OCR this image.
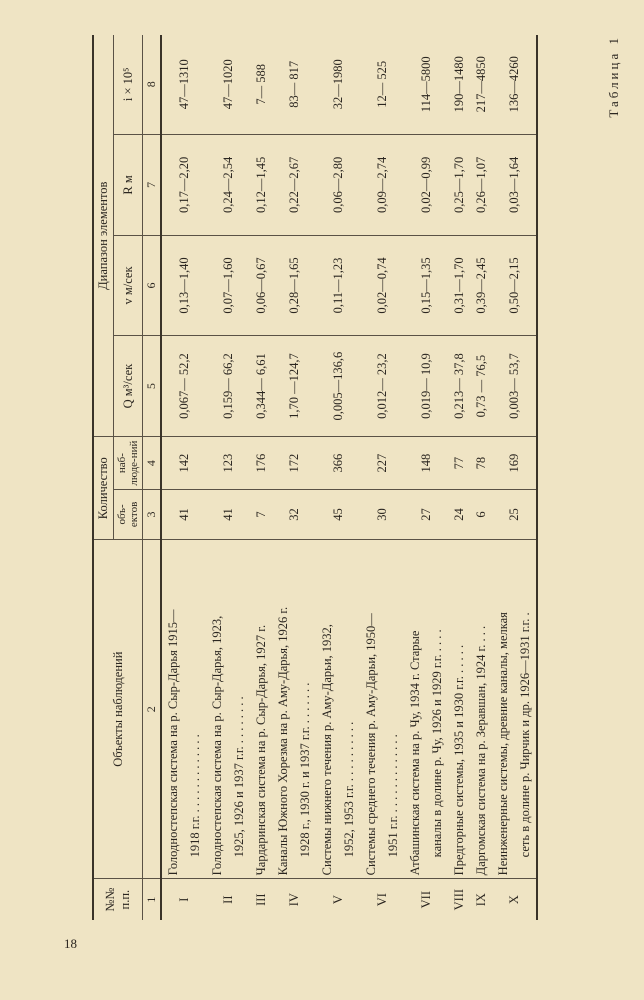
18
Таблица 1
№№ п.п.	Объекты наблюдений	Количество		Диапазон элементов			
		объ-ектов	наб-люде-ний	Q м³/сек	v м/сек	R м	i × 10⁵
1	2	3	4	5	6	7	8
I	Голодностепская система на р. Сыр-Дарья 1915— 1918 г.г. . . . . . . . . . . . . .	41	142	0,067— 52,2	0,13—1,40	0,17—2,20	47—1310
II	Голодностепская система на р. Сыр-Дарья, 1923, 1925, 1926 и 1937 г.г. . . . . . . . .	41	123	0,159— 66,2	0,07—1,60	0,24—2,54	47—1020
III	Чардаринская система на р. Сыр-Дарья, 1927 г.	7	176	0,344— 6,61	0,06—0,67	0,12—1,45	7— 588
IV	Каналы Южного Хорезма на р. Аму-Дарья, 1926 г. 1928 г., 1930 г. и 1937 г.г. . . . . . . .	32	172	1,70 —124,7	0,28—1,65	0,22—2,67	83— 817
V	Системы нижнего течения р. Аму-Дарьи, 1932, 1952, 1953 г.г. . . . . . . . . . .	45	366	0,005—136,6	0,11—1,23	0,06—2,80	32—1980
VI	Системы среднего течения р. Аму-Дарьи, 1950— 1951 г.г. . . . . . . . . . . . . .	30	227	0,012— 23,2	0,02—0,74	0,09—2,74	12— 525
VII	Атбашинская система на р. Чу, 1934 г. Старые каналы в долине р. Чу, 1926 и 1929 г.г. . . . .	27	148	0,019— 10,9	0,15—1,35	0,02—0,99	114—5800
VIII	Предгорные системы, 1935 и 1930 г.г. . . . . .	24	77	0,213— 37,8	0,31—1,70	0,25—1,70	190—1480
IX	Даргомская система на р. Зеравшан, 1924 г. . . .	6	78	0,73 — 76,5	0,39—2,45	0,26—1,07	217—4850
X	Неинженерные системы, древние каналы, мелкая сеть в долине р. Чирчик и др. 1926—1931 г.г. .	25	169	0,003— 53,7	0,50—2,15	0,03—1,64	136—4260
